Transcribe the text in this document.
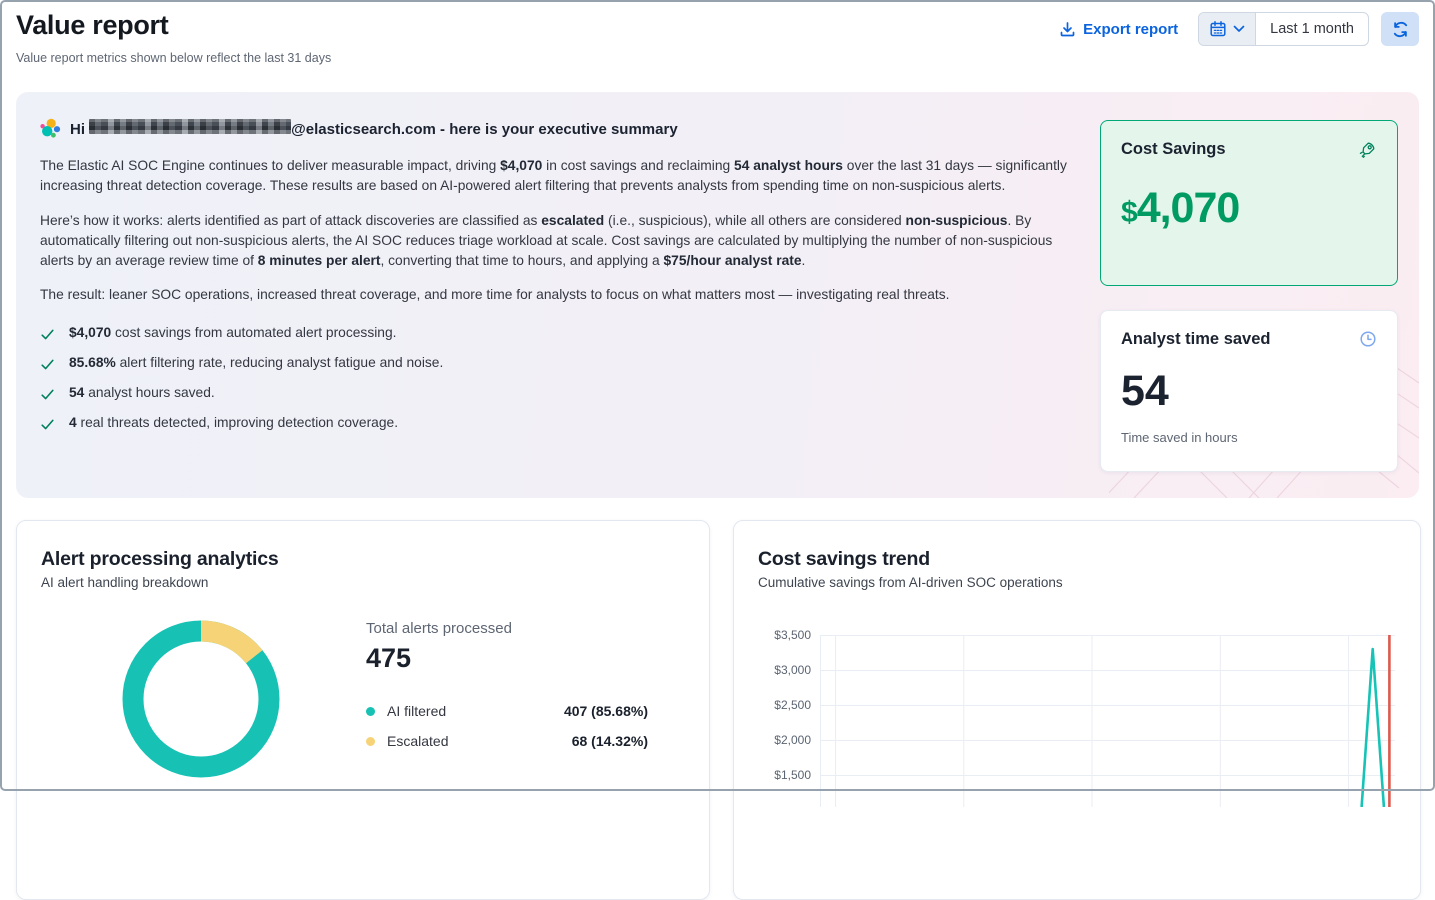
Value report
Value report metrics shown below reflect the last 31 days
Export report	Last 1 month
Hi	@elasticsearch.com - here is your executive summary

The Elastic AI SOC Engine continues to deliver measurable impact, driving $4,070 in cost savings and reclaiming 54 analyst hours over the last 31 days — significantly increasing threat detection coverage. These results are based on AI-powered alert filtering that prevents analysts from spending time on non-suspicious alerts.

Here’s how it works: alerts identified as part of attack discoveries are classified as escalated (i.e., suspicious), while all others are considered non-suspicious. By automatically filtering out non-suspicious alerts, the AI SOC reduces triage workload at scale. Cost savings are calculated by multiplying the number of non-suspicious alerts by an average review time of 8 minutes per alert, converting that time to hours, and applying a $75/hour analyst rate.

The result: leaner SOC operations, increased threat coverage, and more time for analysts to focus on what matters most — investigating real threats.

$4,070 cost savings from automated alert processing.
85.68% alert filtering rate, reducing analyst fatigue and noise.
54 analyst hours saved.
4 real threats detected, improving detection coverage.
Cost Savings
$4,070
Analyst time saved
54
Time saved in hours
Alert processing analytics
AI alert handling breakdown
Total alerts processed
475
AI filtered	407 (85.68%)
Escalated	68 (14.32%)
Cost savings trend
Cumulative savings from AI-driven SOC operations
$3,500
$3,000
$2,500
$2,000
$1,500
